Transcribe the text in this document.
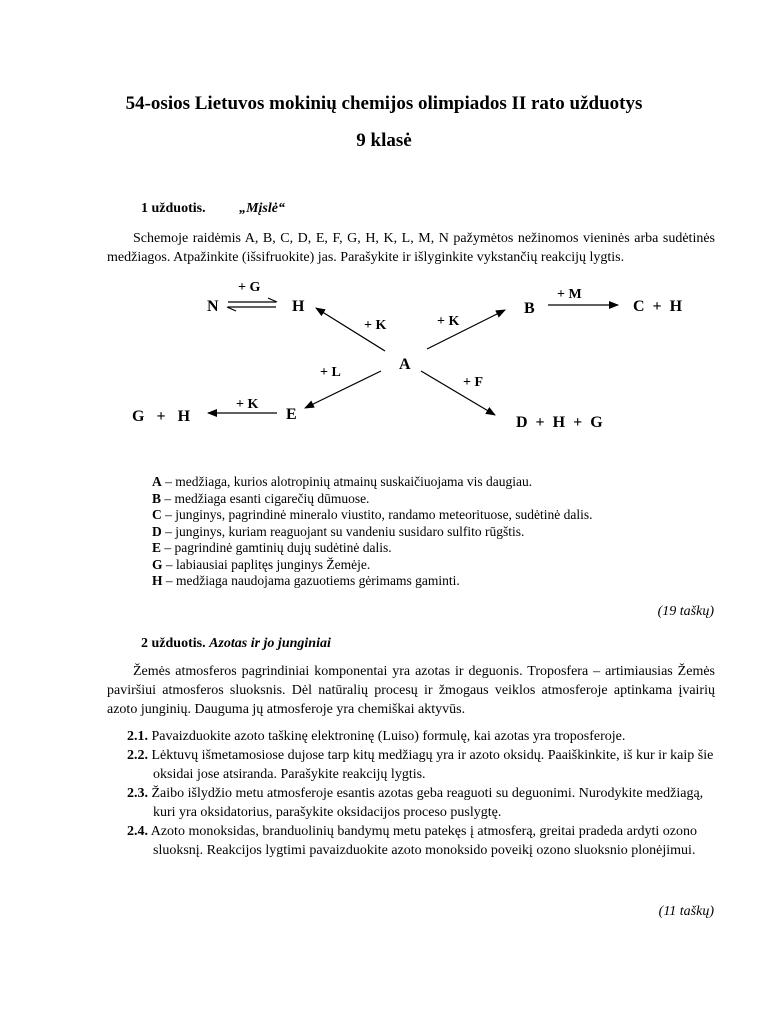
54-osios Lietuvos mokinių chemijos olimpiados II rato užduotys
9 klasė
1 užduotis. „Mįslė“
Schemoje raidėmis A, B, C, D, E, F, G, H, K, L, M, N pažymėtos nežinomos vieninės arba sudėtinės medžiagos. Atpažinkite (išsifruokite) jas. Parašykite ir išlyginkite vykstančių reakcijų lygtis.
N
+ G
H
A
+ K	+ K
B
+ M
C  +  H
+ L
+ F
E
+ K
G   +   H	D  +  H  +  G
A – medžiaga, kurios alotropinių atmainų suskaičiuojama vis daugiau.
B – medžiaga esanti cigarečių dūmuose.
C – junginys, pagrindinė mineralo viustito, randamo meteorituose, sudėtinė dalis.
D – junginys, kuriam reaguojant su vandeniu susidaro sulfito rūgštis.
E – pagrindinė gamtinių dujų sudėtinė dalis.
G – labiausiai paplitęs junginys Žemėje.
H – medžiaga naudojama gazuotiems gėrimams gaminti.
(19 taškų)
2 užduotis. Azotas ir jo junginiai
Žemės atmosferos pagrindiniai komponentai yra azotas ir deguonis. Troposfera – artimiausias Žemės paviršiui atmosferos sluoksnis. Dėl natūralių procesų ir žmogaus veiklos atmosferoje aptinkama įvairių azoto junginių. Dauguma jų atmosferoje yra chemiškai aktyvūs.
2.1. Pavaizduokite azoto taškinę elektroninę (Luiso) formulę, kai azotas yra troposferoje.
2.2. Lėktuvų išmetamosiose dujose tarp kitų medžiagų yra ir azoto oksidų. Paaiškinkite, iš kur ir kaip šie
oksidai jose atsiranda. Parašykite reakcijų lygtis.
2.3. Žaibo išlydžio metu atmosferoje esantis azotas geba reaguoti su deguonimi. Nurodykite medžiagą,
kuri yra oksidatorius, parašykite oksidacijos proceso puslygtę.
2.4. Azoto monoksidas, branduolinių bandymų metu patekęs į atmosferą, greitai pradeda ardyti ozono
sluoksnį. Reakcijos lygtimi pavaizduokite azoto monoksido poveikį ozono sluoksnio plonėjimui.
(11 taškų)
